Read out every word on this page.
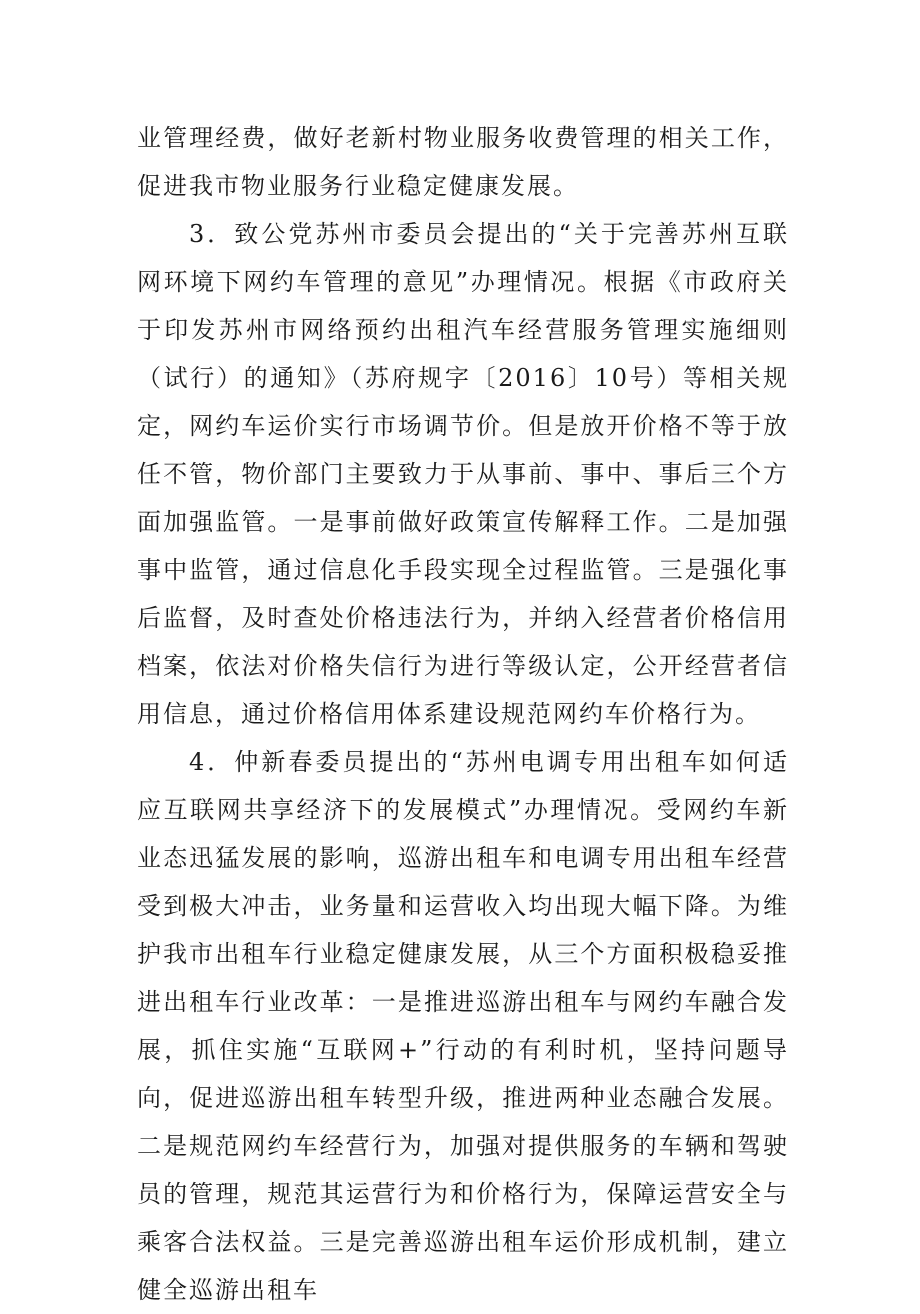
业管理经费，做好老新村物业服务收费管理的相关工作，促进我市物业服务行业稳定健康发展。

3．致公党苏州市委员会提出的“关于完善苏州互联网环境下网约车管理的意见”办理情况。根据《市政府关于印发苏州市网络预约出租汽车经营服务管理实施细则（试行）的通知》（苏府规字〔2016〕10号）等相关规定，网约车运价实行市场调节价。但是放开价格不等于放任不管，物价部门主要致力于从事前、事中、事后三个方面加强监管。一是事前做好政策宣传解释工作。二是加强事中监管，通过信息化手段实现全过程监管。三是强化事后监督，及时查处价格违法行为，并纳入经营者价格信用档案，依法对价格失信行为进行等级认定，公开经营者信用信息，通过价格信用体系建设规范网约车价格行为。

4．仲新春委员提出的“苏州电调专用出租车如何适应互联网共享经济下的发展模式”办理情况。受网约车新业态迅猛发展的影响，巡游出租车和电调专用出租车经营受到极大冲击，业务量和运营收入均出现大幅下降。为维护我市出租车行业稳定健康发展，从三个方面积极稳妥推进出租车行业改革：一是推进巡游出租车与网约车融合发展，抓住实施“互联网+”行动的有利时机，坚持问题导向，促进巡游出租车转型升级，推进两种业态融合发展。二是规范网约车经营行为，加强对提供服务的车辆和驾驶员的管理，规范其运营行为和价格行为，保障运营安全与乘客合法权益。三是完善巡游出租车运价形成机制，建立健全巡游出租车
